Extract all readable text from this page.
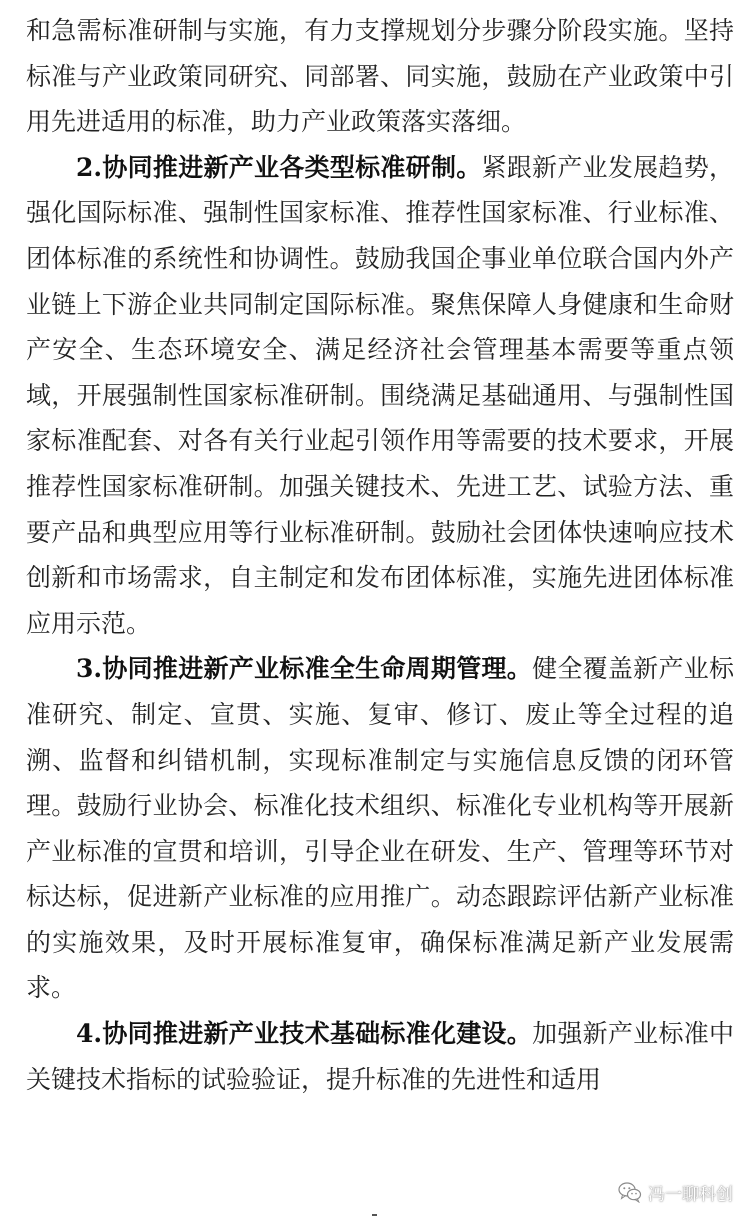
和急需标准研制与实施，有力支撑规划分步骤分阶段实施。坚持标准与产业政策同研究、同部署、同实施，鼓励在产业政策中引用先进适用的标准，助力产业政策落实落细。

2.协同推进新产业各类型标准研制。紧跟新产业发展趋势，强化国际标准、强制性国家标准、推荐性国家标准、行业标准、团体标准的系统性和协调性。鼓励我国企事业单位联合国内外产业链上下游企业共同制定国际标准。聚焦保障人身健康和生命财产安全、生态环境安全、满足经济社会管理基本需要等重点领域，开展强制性国家标准研制。围绕满足基础通用、与强制性国家标准配套、对各有关行业起引领作用等需要的技术要求，开展推荐性国家标准研制。加强关键技术、先进工艺、试验方法、重要产品和典型应用等行业标准研制。鼓励社会团体快速响应技术创新和市场需求，自主制定和发布团体标准，实施先进团体标准应用示范。

3.协同推进新产业标准全生命周期管理。健全覆盖新产业标准研究、制定、宣贯、实施、复审、修订、废止等全过程的追溯、监督和纠错机制，实现标准制定与实施信息反馈的闭环管理。鼓励行业协会、标准化技术组织、标准化专业机构等开展新产业标准的宣贯和培训，引导企业在研发、生产、管理等环节对标达标，促进新产业标准的应用推广。动态跟踪评估新产业标准的实施效果，及时开展标准复审，确保标准满足新产业发展需求。

4.协同推进新产业技术基础标准化建设。加强新产业标准中关键技术指标的试验验证，提升标准的先进性和适用

冯一聊科创
